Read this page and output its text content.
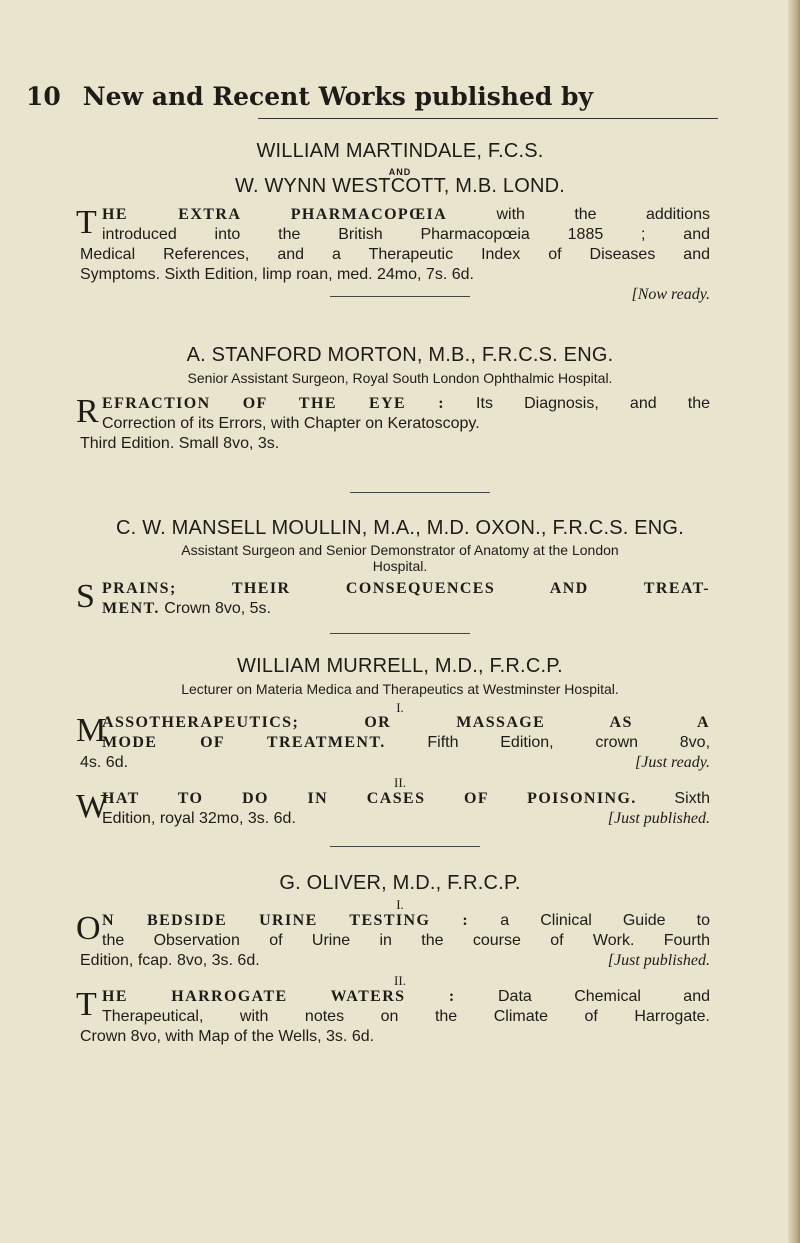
10 New and Recent Works published by
WILLIAM MARTINDALE, F.C.S.
AND
W. WYNN WESTCOTT, M.B. LOND.
T HE EXTRA PHARMACOPŒIA with the additions
introduced into the British Pharmacopœia 1885 ; and
Medical References, and a Therapeutic Index of Diseases and
Symptoms. Sixth Edition, limp roan, med. 24mo, 7s. 6d.
[Now ready.
A. STANFORD MORTON, M.B., F.R.C.S. ENG.
Senior Assistant Surgeon, Royal South London Ophthalmic Hospital.
R EFRACTION OF THE EYE : Its Diagnosis, and the
Correction of its Errors, with Chapter on Keratoscopy.
Third Edition. Small 8vo, 3s.
C. W. MANSELL MOULLIN, M.A., M.D. OXON., F.R.C.S. ENG.
Assistant Surgeon and Senior Demonstrator of Anatomy at the London
Hospital.
S PRAINS; THEIR CONSEQUENCES AND TREAT-
MENT. Crown 8vo, 5s.
WILLIAM MURRELL, M.D., F.R.C.P.
Lecturer on Materia Medica and Therapeutics at Westminster Hospital.
I.
M
ASSOTHERAPEUTICS; OR MASSAGE AS A
MODE OF TREATMENT. Fifth Edition, crown 8vo,
4s. 6d.	[Just ready.
II.
W
HAT TO DO IN CASES OF POISONING. Sixth
Edition, royal 32mo, 3s. 6d.	[Just published.
G. OLIVER, M.D., F.R.C.P.
I.
O N BEDSIDE URINE TESTING : a Clinical Guide to
the Observation of Urine in the course of Work. Fourth
Edition, fcap. 8vo, 3s. 6d.	[Just published.
II.
T HE HARROGATE WATERS : Data Chemical and
Therapeutical, with notes on the Climate of Harrogate.
Crown 8vo, with Map of the Wells, 3s. 6d.
